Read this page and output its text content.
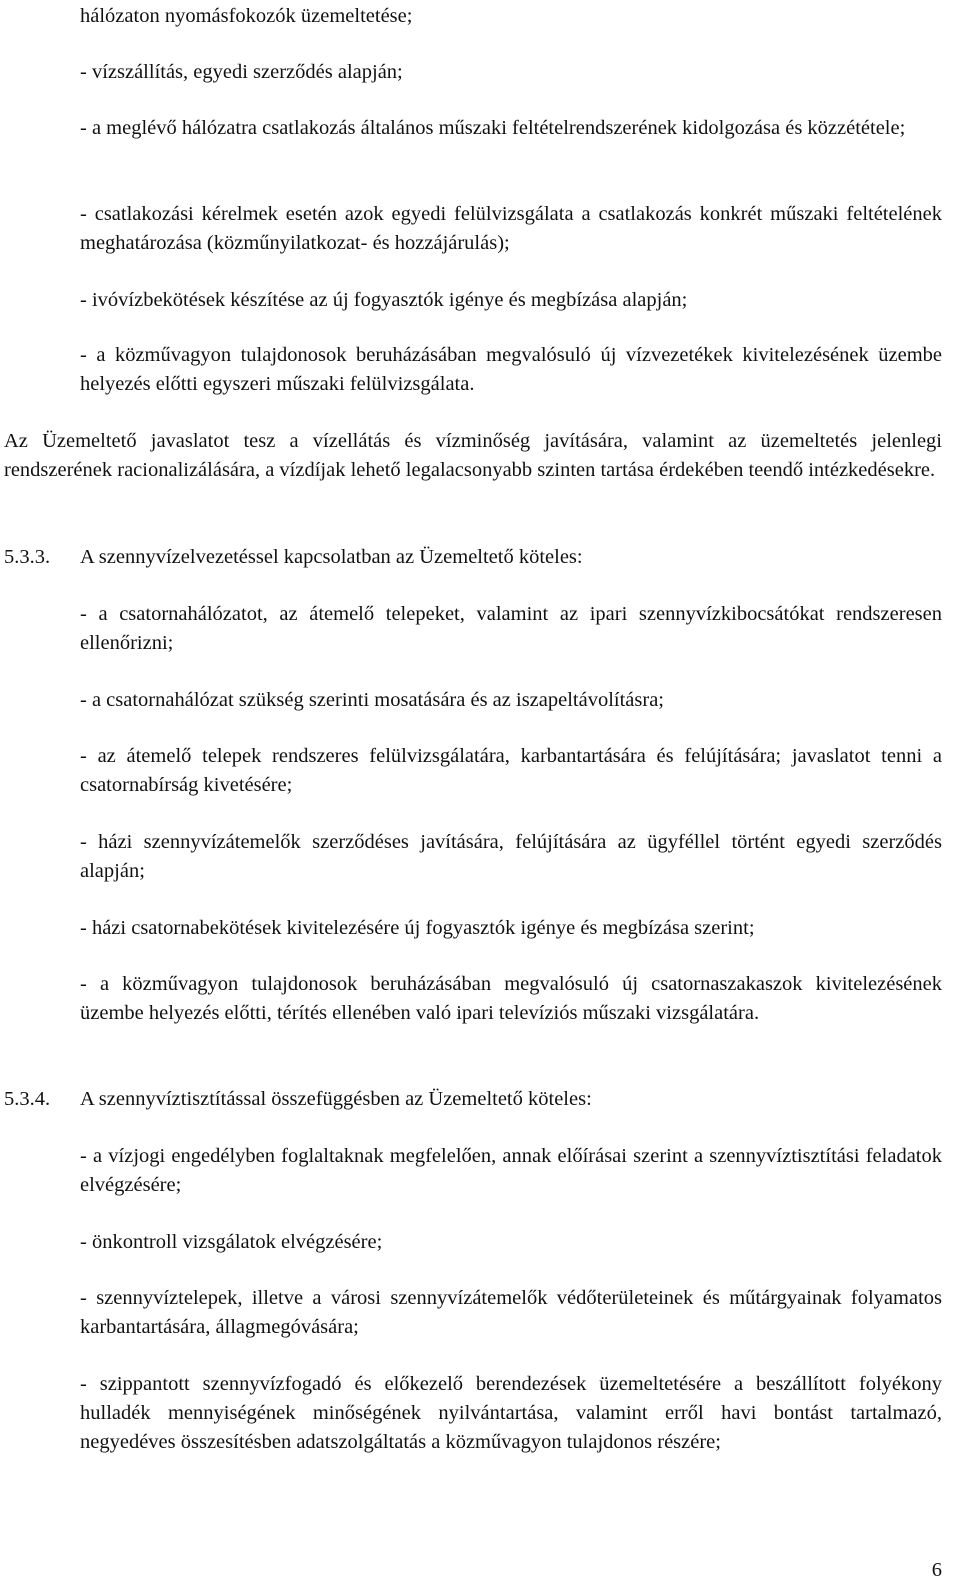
hálózaton nyomásfokozók üzemeltetése;

- vízszállítás, egyedi szerződés alapján;

- a meglévő hálózatra csatlakozás általános műszaki feltételrendszerének kidolgozása és közzététele;

- csatlakozási kérelmek esetén azok egyedi felülvizsgálata a csatlakozás konkrét műszaki feltételének meghatározása (közműnyilatkozat- és hozzájárulás);

- ivóvízbekötések készítése az új fogyasztók igénye és megbízása alapján;

- a közművagyon tulajdonosok beruházásában megvalósuló új vízvezetékek kivitelezésének üzembe helyezés előtti egyszeri műszaki felülvizsgálata.

Az Üzemeltető javaslatot tesz a vízellátás és vízminőség javítására, valamint az üzemeltetés jelenlegi rendszerének racionalizálására, a vízdíjak lehető legalacsonyabb szinten tartása érdekében teendő intézkedésekre.

5.3.3. A szennyvízelvezetéssel kapcsolatban az Üzemeltető köteles:

- a csatornahálózatot, az átemelő telepeket, valamint az ipari szennyvízkibocsátókat rendszeresen ellenőrizni;

- a csatornahálózat szükség szerinti mosatására és az iszapeltávolításra;

- az átemelő telepek rendszeres felülvizsgálatára, karbantartására és felújítására; javaslatot tenni a csatornabírság kivetésére;

- házi szennyvízátemelők szerződéses javítására, felújítására az ügyféllel történt egyedi szerződés alapján;

- házi csatornabekötések kivitelezésére új fogyasztók igénye és megbízása szerint;

- a közművagyon tulajdonosok beruházásában megvalósuló új csatornaszakaszok kivitelezésének üzembe helyezés előtti, térítés ellenében való ipari televíziós műszaki vizsgálatára.

5.3.4. A szennyvíztisztítással összefüggésben az Üzemeltető köteles:

- a vízjogi engedélyben foglaltaknak megfelelően, annak előírásai szerint a szennyvíztisztítási feladatok elvégzésére;

- önkontroll vizsgálatok elvégzésére;

- szennyvíztelepek, illetve a városi szennyvízátemelők védőterületeinek és műtárgyainak folyamatos karbantartására, állagmegóvására;

- szippantott szennyvízfogadó és előkezelő berendezések üzemeltetésére a beszállított folyékony hulladék mennyiségének minőségének nyilvántartása, valamint erről havi bontást tartalmazó, negyedéves összesítésben adatszolgáltatás a közművagyon tulajdonos részére;

6
